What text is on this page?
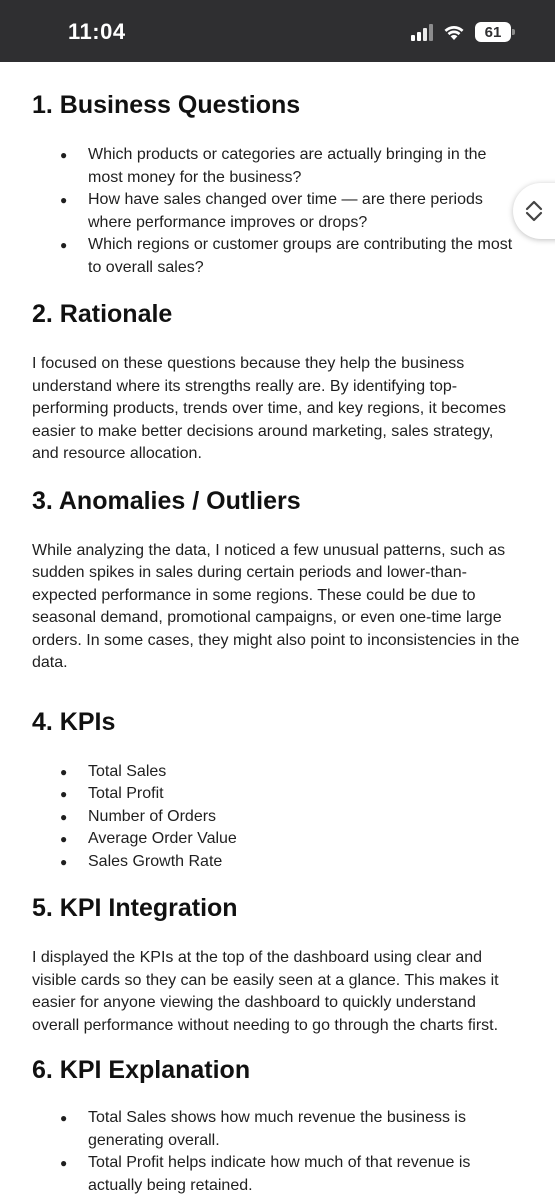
11:04	61
1. Business Questions
● Which products or categories are actually bringing in the most money for the business?
● How have sales changed over time — are there periods where performance improves or drops?
● Which regions or customer groups are contributing the most to overall sales?
2. Rationale

I focused on these questions because they help the business understand where its strengths really are. By identifying top-performing products, trends over time, and key regions, it becomes easier to make better decisions around marketing, sales strategy, and resource allocation.

3. Anomalies / Outliers

While analyzing the data, I noticed a few unusual patterns, such as sudden spikes in sales during certain periods and lower-than-expected performance in some regions. These could be due to seasonal demand, promotional campaigns, or even one-time large orders. In some cases, they might also point to inconsistencies in the data.

4. KPIs
● Total Sales
● Total Profit
● Number of Orders
● Average Order Value
● Sales Growth Rate
5. KPI Integration

I displayed the KPIs at the top of the dashboard using clear and visible cards so they can be easily seen at a glance. This makes it easier for anyone viewing the dashboard to quickly understand overall performance without needing to go through the charts first.

6. KPI Explanation
● Total Sales shows how much revenue the business is generating overall.
● Total Profit helps indicate how much of that revenue is actually being retained.
